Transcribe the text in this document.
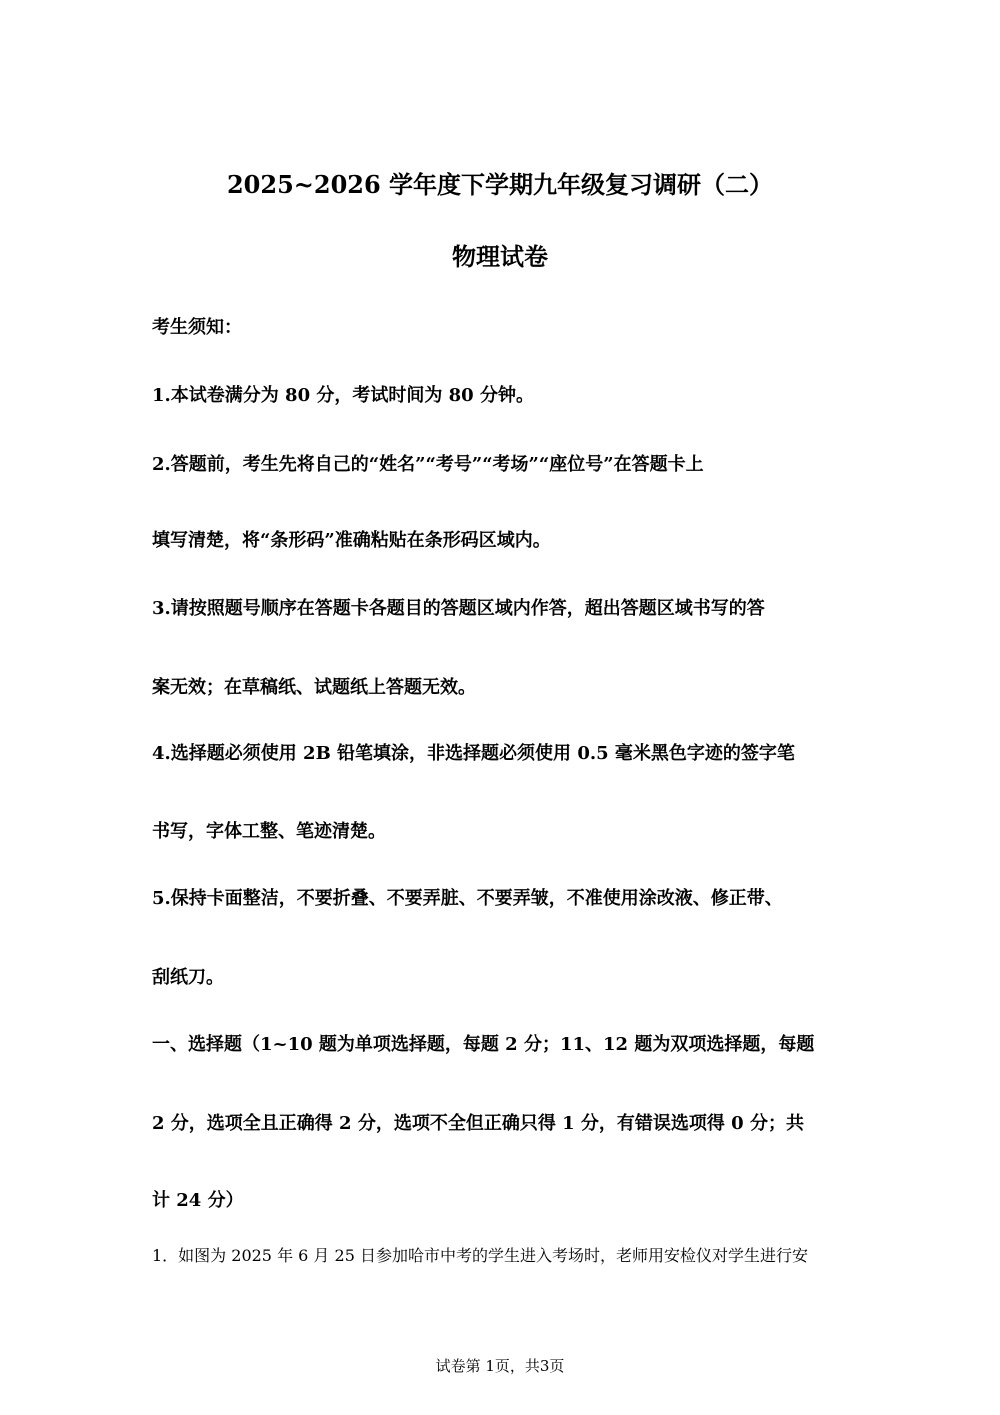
2025~2026 学年度下学期九年级复习调研（二）
物理试卷
考生须知：
1.本试卷满分为 80 分，考试时间为 80 分钟。
2.答题前，考生先将自己的“姓名”“考号”“考场”“座位号”在答题卡上
填写清楚，将“条形码”准确粘贴在条形码区域内。
3.请按照题号顺序在答题卡各题目的答题区域内作答，超出答题区域书写的答
案无效；在草稿纸、试题纸上答题无效。
4.选择题必须使用 2B 铅笔填涂，非选择题必须使用 0.5 毫米黑色字迹的签字笔
书写，字体工整、笔迹清楚。
5.保持卡面整洁，不要折叠、不要弄脏、不要弄皱，不准使用涂改液、修正带、
刮纸刀。
一、选择题（1~10 题为单项选择题，每题 2 分；11、12 题为双项选择题，每题
2 分，选项全且正确得 2 分，选项不全但正确只得 1 分，有错误选项得 0 分；共
计 24 分）
1．如图为 2025 年 6 月 25 日参加哈市中考的学生进入考场时，老师用安检仪对学生进行安
试卷第 1页，共3页
